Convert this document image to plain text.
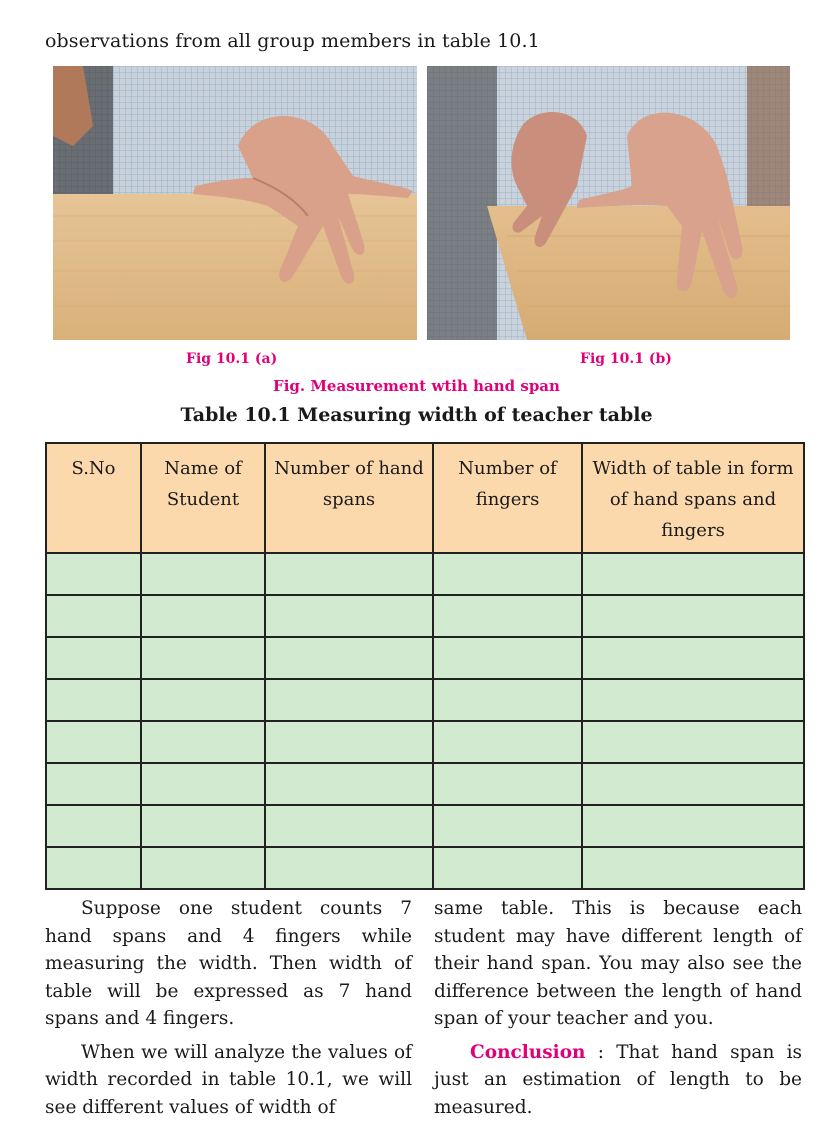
observations from all group members in table 10.1
Fig 10.1 (a)	Fig 10.1 (b)
Fig. Measurement wtih hand span
Table 10.1 Measuring width of teacher table
S.No	Name of Student	Number of hand spans	Number of fingers	Width of table in form of hand spans and fingers

Suppose one student counts 7 hand spans and 4 fingers while measuring the width. Then width of table will be expressed as 7 hand spans and 4 fingers.

When we will analyze the values of width recorded in table 10.1, we will see different values of width of

same table. This is because each student may have different length of their hand span. You may also see the difference between the length of hand span of your teacher and you.

Conclusion : That hand span is just an estimation of length to be measured.
